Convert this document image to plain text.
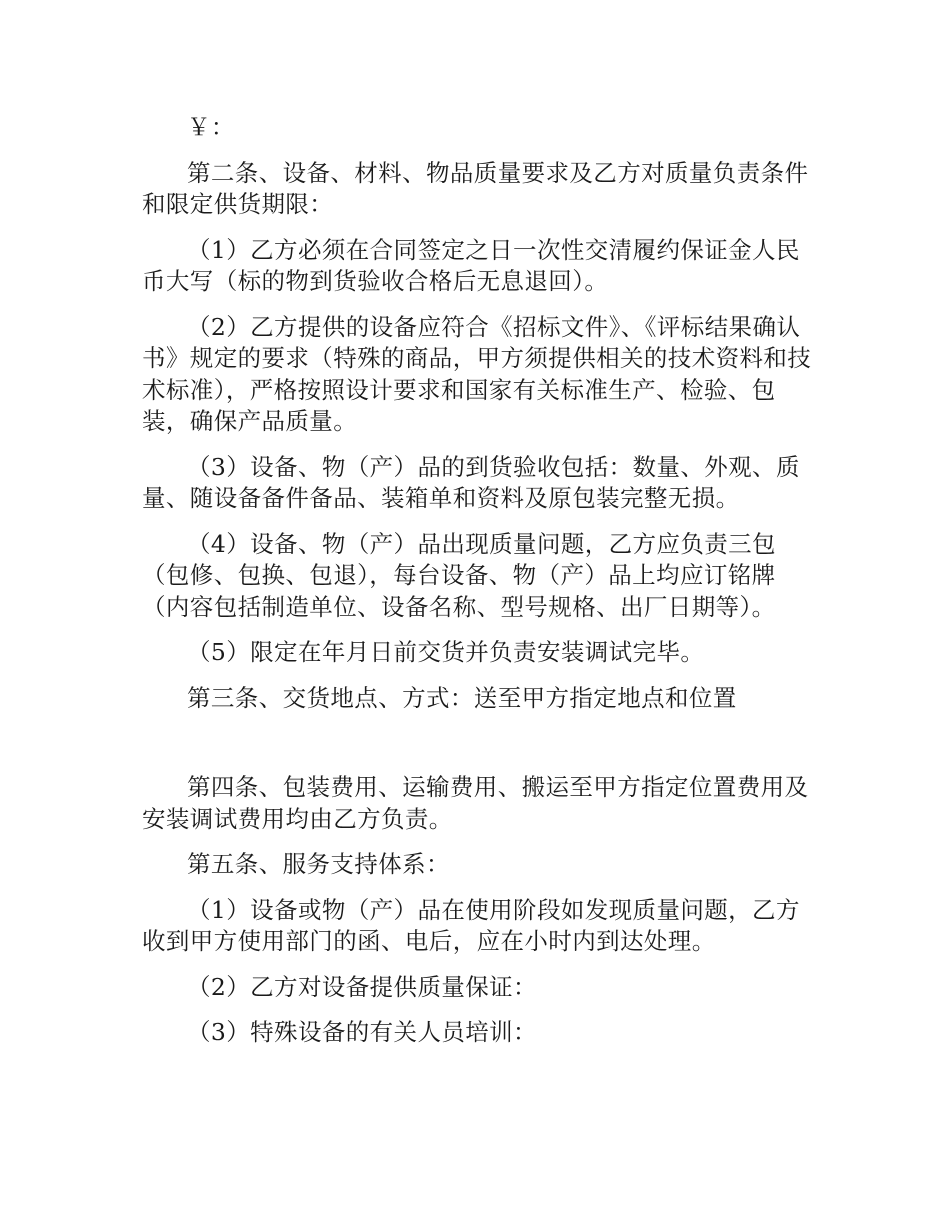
￥：

第二条、设备、材料、物品质量要求及乙方对质量负责条件和限定供货期限：

（1）乙方必须在合同签定之日一次性交清履约保证金人民币大写（标的物到货验收合格后无息退回）。

（2）乙方提供的设备应符合《招标文件》、《评标结果确认书》规定的要求（特殊的商品，甲方须提供相关的技术资料和技术标准），严格按照设计要求和国家有关标准生产、检验、包装，确保产品质量。

（3）设备、物（产）品的到货验收包括：数量、外观、质量、随设备备件备品、装箱单和资料及原包装完整无损。

（4）设备、物（产）品出现质量问题，乙方应负责三包（包修、包换、包退），每台设备、物（产）品上均应订铭牌（内容包括制造单位、设备名称、型号规格、出厂日期等）。

（5）限定在年月日前交货并负责安装调试完毕。

第三条、交货地点、方式：送至甲方指定地点和位置

第四条、包装费用、运输费用、搬运至甲方指定位置费用及安装调试费用均由乙方负责。

第五条、服务支持体系：

（1）设备或物（产）品在使用阶段如发现质量问题，乙方收到甲方使用部门的函、电后，应在小时内到达处理。

（2）乙方对设备提供质量保证：

（3）特殊设备的有关人员培训：
